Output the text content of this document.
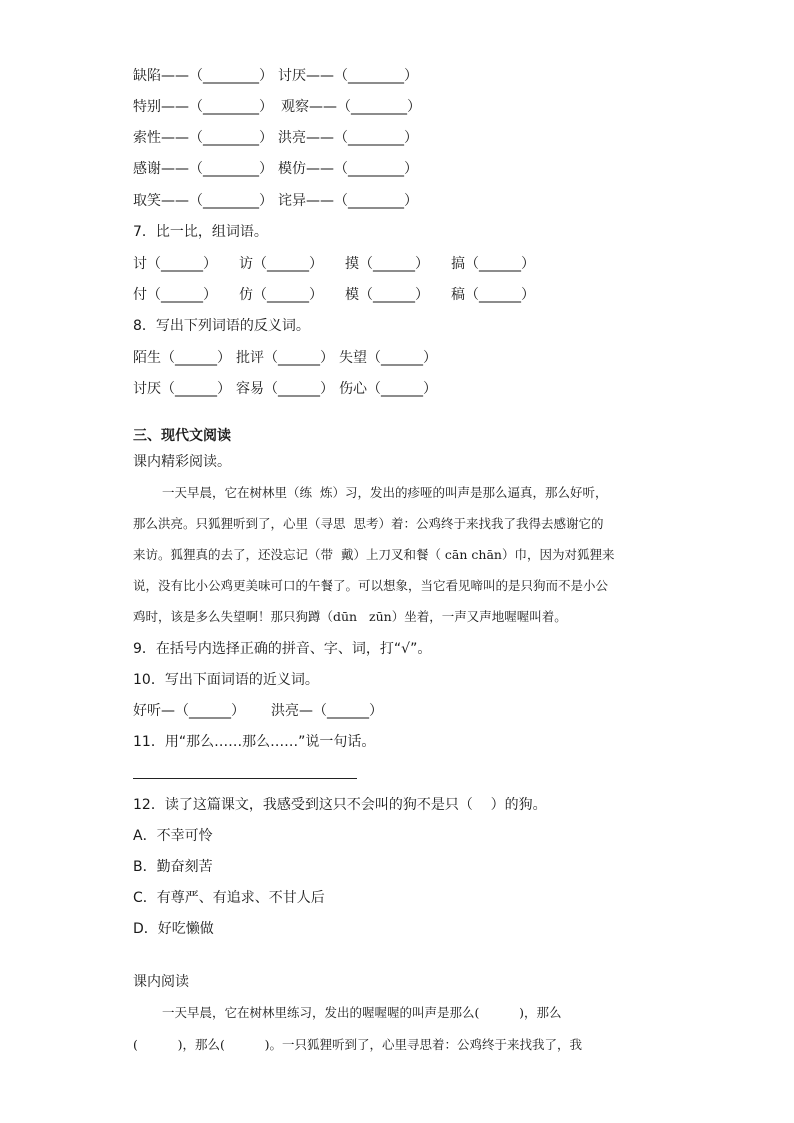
缺陷——（________） 讨厌——（________）
特别——（________） 观察——（________）
索性——（________） 洪亮——（________）
感谢——（________） 模仿——（________）
取笑——（________） 诧异——（________）
7．比一比，组词语。
讨（______） 访（______） 摸（______） 搞（______）
付（______） 仿（______） 模（______） 稿（______）
8．写出下列词语的反义词。
陌生（______） 批评（______） 失望（______）
讨厌（______） 容易（______） 伤心（______）
三、现代文阅读
课内精彩阅读。
一天早晨，它在树林里（练  炼）习，发出的疹哑的叫声是那么逼真，那么好听，
那么洪亮。只狐狸听到了，心里（寻思  思考）着：公鸡终于来找我了我得去感谢它的
来访。狐狸真的去了，还没忘记（带  戴）上刀叉和餐（ cān chān）巾，因为对狐狸来
说，没有比小公鸡更美味可口的午餐了。可以想象，当它看见啼叫的是只狗而不是小公
鸡时，该是多么失望啊！那只狗蹲（dūn   zūn）坐着，一声又声地喔喔叫着。
9．在括号内选择正确的拼音、字、词，打“√”。
10．写出下面词语的近义词。
好听—（______） 洪亮—（______）
11．用“那么……那么……”说一句话。
12．读了这篇课文，我感受到这只不会叫的狗不是只（    ）的狗。
A．不幸可怜
B．勤奋刻苦
C．有尊严、有追求、不甘人后
D．好吃懒做
课内阅读
一天早晨，它在树林里练习，发出的喔喔喔的叫声是那么(          )，那么
(          )，那么(          )。一只狐狸听到了，心里寻思着：公鸡终于来找我了，我
